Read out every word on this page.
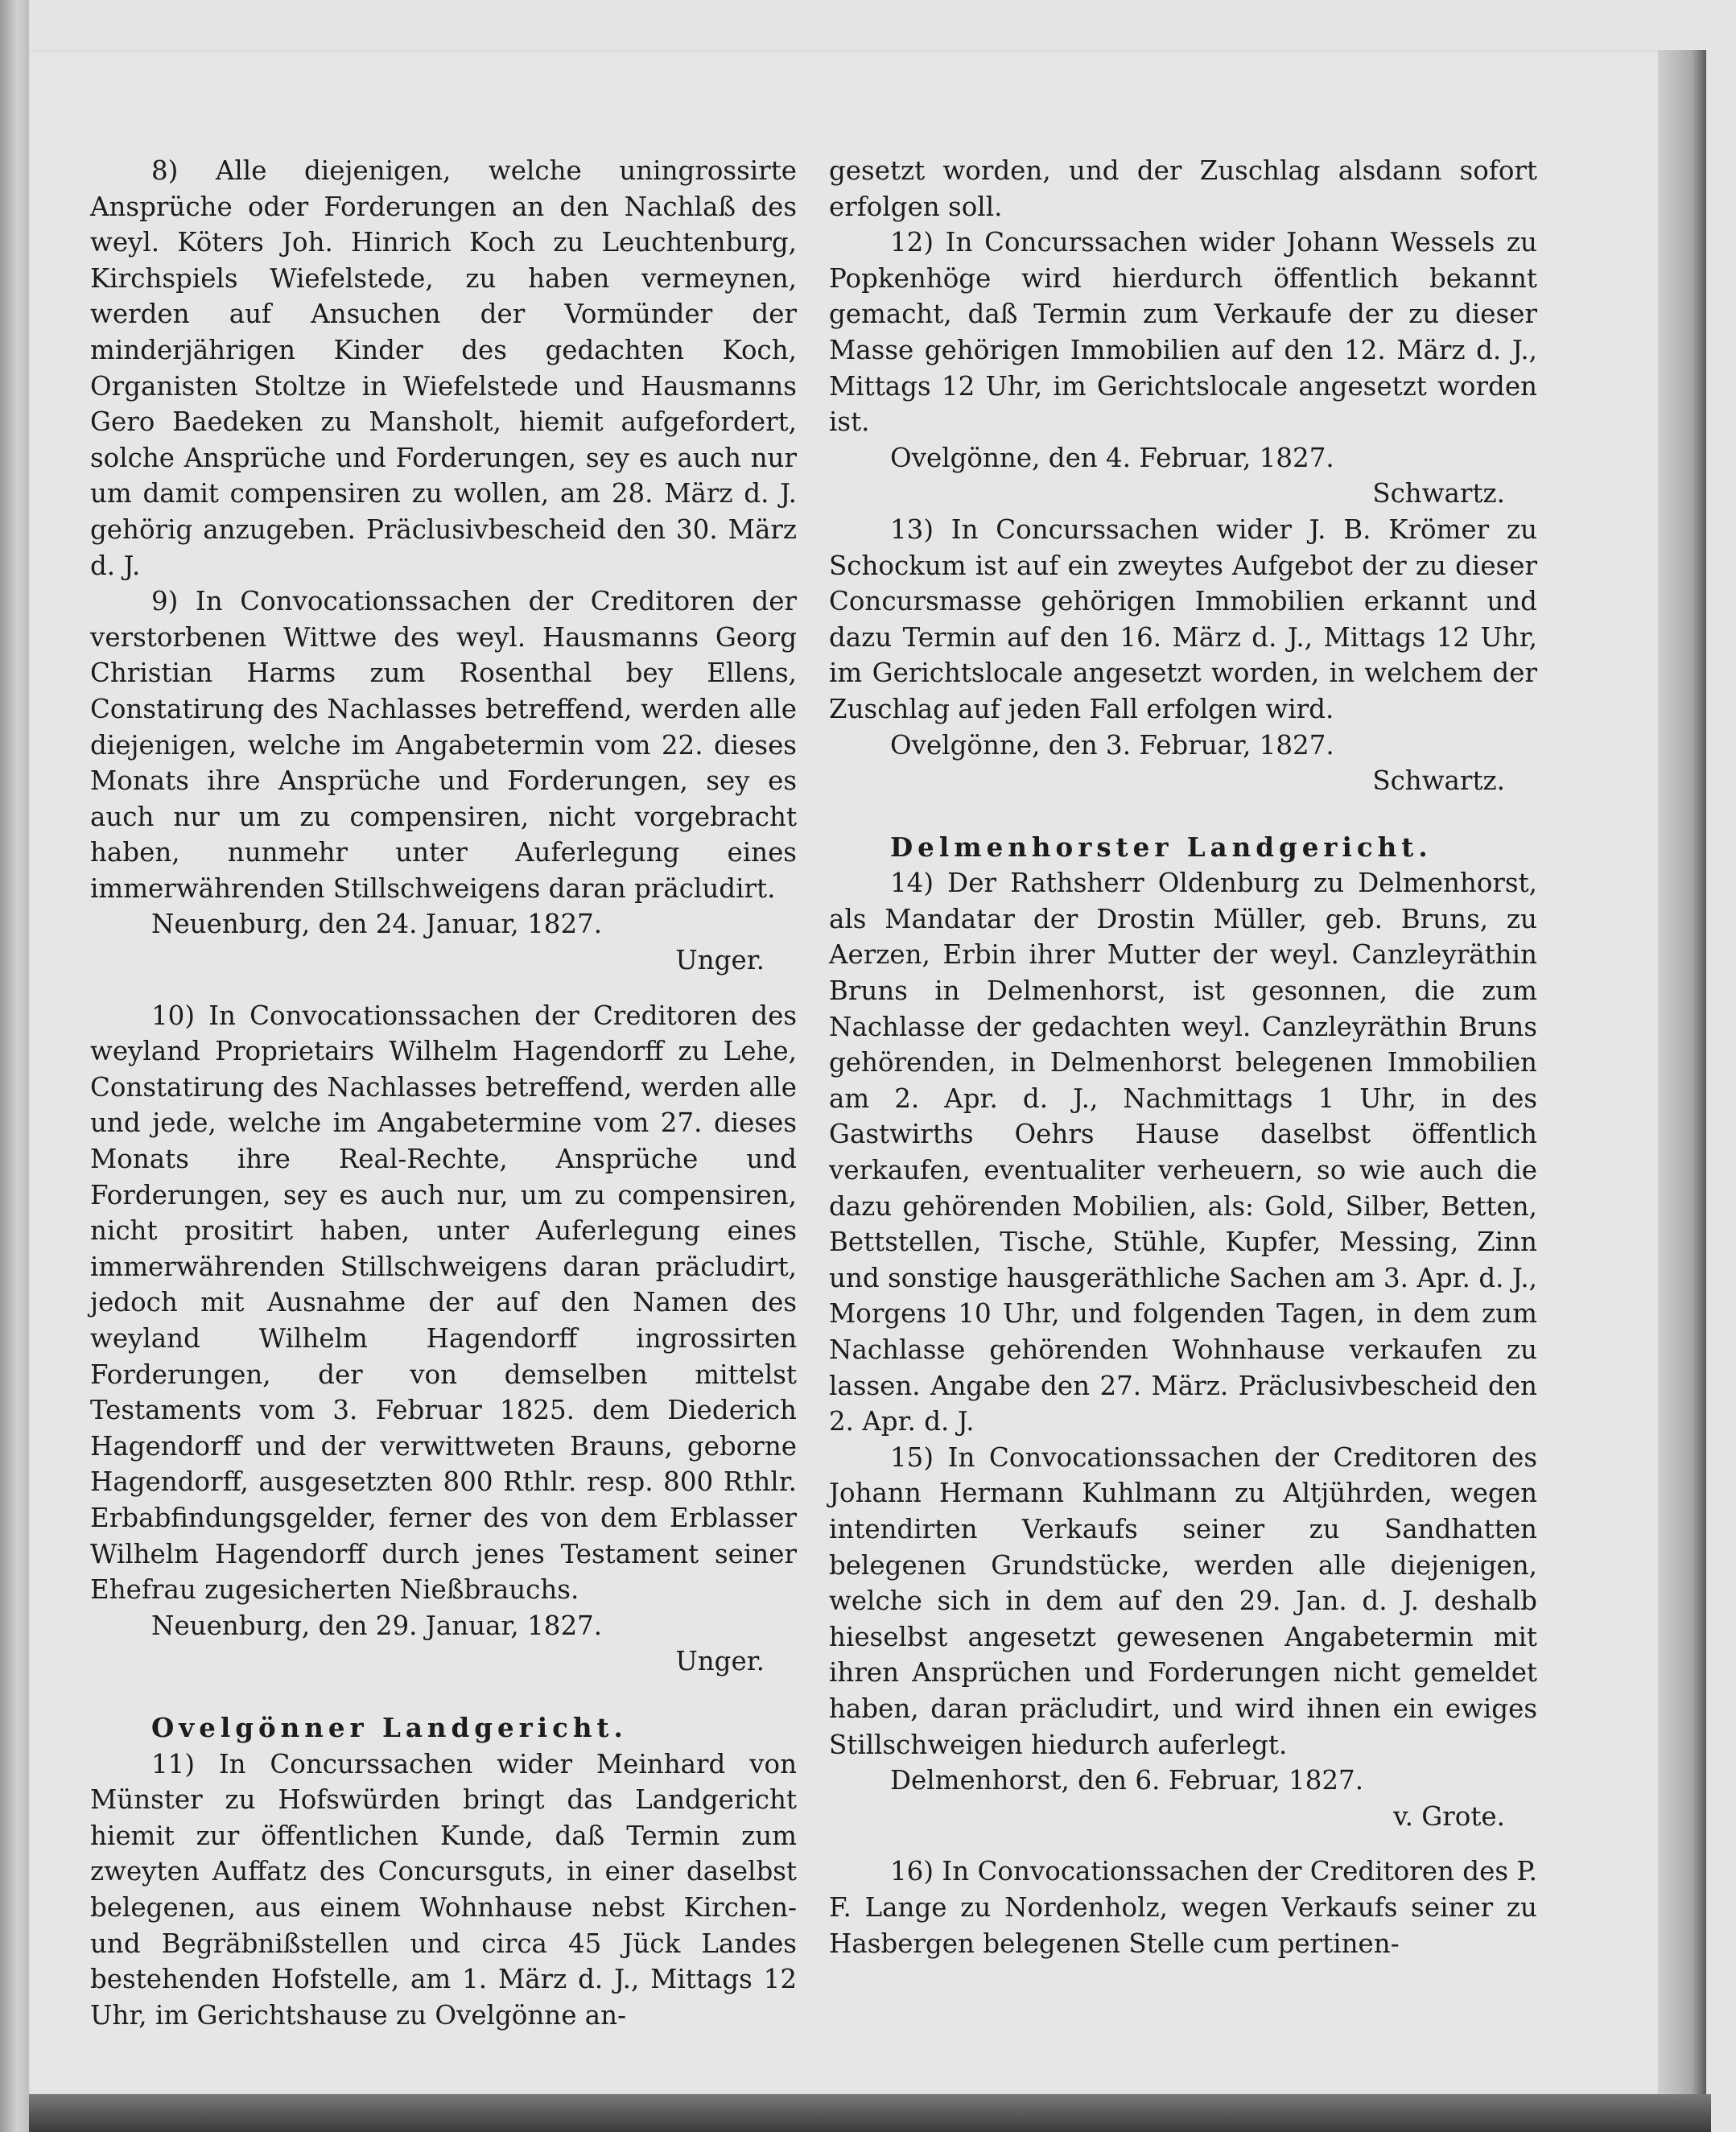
8) Alle diejenigen, welche uningrossirte Ansprüche oder Forderungen an den Nachlaß des weyl. Köters Joh. Hinrich Koch zu Leuchtenburg, Kirchspiels Wiefelstede, zu haben vermeynen, werden auf Ansuchen der Vormünder der minderjährigen Kinder des gedachten Koch, Organisten Stoltze in Wiefelstede und Hausmanns Gero Baedeken zu Mansholt, hiemit aufgefordert, solche Ansprüche und Forderungen, sey es auch nur um damit compensiren zu wollen, am 28. März d. J. gehörig anzugeben. Präclusivbescheid den 30. März d. J.

9) In Convocationssachen der Creditoren der verstorbenen Wittwe des weyl. Hausmanns Georg Christian Harms zum Rosenthal bey Ellens, Constatirung des Nachlasses betreffend, werden alle diejenigen, welche im Angabetermin vom 22. dieses Monats ihre Ansprüche und Forderungen, sey es auch nur um zu compensiren, nicht vorgebracht haben, nunmehr unter Auferlegung eines immerwährenden Stillschweigens daran präcludirt.

Neuenburg, den 24. Januar, 1827.

Unger.

10) In Convocationssachen der Creditoren des weyland Proprietairs Wilhelm Hagendorff zu Lehe, Constatirung des Nachlasses betreffend, werden alle und jede, welche im Angabetermine vom 27. dieses Monats ihre Real-Rechte, Ansprüche und Forderungen, sey es auch nur, um zu compensiren, nicht prositirt haben, unter Auferlegung eines immerwährenden Stillschweigens daran präcludirt, jedoch mit Ausnahme der auf den Namen des weyland Wilhelm Hagendorff ingrossirten Forderungen, der von demselben mittelst Testaments vom 3. Februar 1825. dem Diederich Hagendorff und der verwittweten Brauns, geborne Hagendorff, ausgesetzten 800 Rthlr. resp. 800 Rthlr. Erbabfindungsgelder, ferner des von dem Erblasser Wilhelm Hagendorff durch jenes Testament seiner Ehefrau zugesicherten Nießbrauchs.

Neuenburg, den 29. Januar, 1827.

Unger.

Ovelgönner Landgericht.

11) In Concurssachen wider Meinhard von Münster zu Hofswürden bringt das Landgericht hiemit zur öffentlichen Kunde, daß Termin zum zweyten Auffatz des Concursguts, in einer daselbst belegenen, aus einem Wohnhause nebst Kirchen- und Begräbnißstellen und circa 45 Jück Landes bestehenden Hofstelle, am 1. März d. J., Mittags 12 Uhr, im Gerichtshause zu Ovelgönne an-

gesetzt worden, und der Zuschlag alsdann sofort erfolgen soll.

12) In Concurssachen wider Johann Wessels zu Popkenhöge wird hierdurch öffentlich bekannt gemacht, daß Termin zum Verkaufe der zu dieser Masse gehörigen Immobilien auf den 12. März d. J., Mittags 12 Uhr, im Gerichtslocale angesetzt worden ist.

Ovelgönne, den 4. Februar, 1827.

Schwartz.

13) In Concurssachen wider J. B. Krömer zu Schockum ist auf ein zweytes Aufgebot der zu dieser Concursmasse gehörigen Immobilien erkannt und dazu Termin auf den 16. März d. J., Mittags 12 Uhr, im Gerichtslocale angesetzt worden, in welchem der Zuschlag auf jeden Fall erfolgen wird.

Ovelgönne, den 3. Februar, 1827.

Schwartz.

Delmenhorster Landgericht.

14) Der Rathsherr Oldenburg zu Delmenhorst, als Mandatar der Drostin Müller, geb. Bruns, zu Aerzen, Erbin ihrer Mutter der weyl. Canzleyräthin Bruns in Delmenhorst, ist gesonnen, die zum Nachlasse der gedachten weyl. Canzleyräthin Bruns gehörenden, in Delmenhorst belegenen Immobilien am 2. Apr. d. J., Nachmittags 1 Uhr, in des Gastwirths Oehrs Hause daselbst öffentlich verkaufen, eventualiter verheuern, so wie auch die dazu gehörenden Mobilien, als: Gold, Silber, Betten, Bettstellen, Tische, Stühle, Kupfer, Messing, Zinn und sonstige hausgeräthliche Sachen am 3. Apr. d. J., Morgens 10 Uhr, und folgenden Tagen, in dem zum Nachlasse gehörenden Wohnhause verkaufen zu lassen. Angabe den 27. März. Präclusivbescheid den 2. Apr. d. J.

15) In Convocationssachen der Creditoren des Johann Hermann Kuhlmann zu Altjührden, wegen intendirten Verkaufs seiner zu Sandhatten belegenen Grundstücke, werden alle diejenigen, welche sich in dem auf den 29. Jan. d. J. deshalb hieselbst angesetzt gewesenen Angabetermin mit ihren Ansprüchen und Forderungen nicht gemeldet haben, daran präcludirt, und wird ihnen ein ewiges Stillschweigen hiedurch auferlegt.

Delmenhorst, den 6. Februar, 1827.

v. Grote.

16) In Convocationssachen der Creditoren des P. F. Lange zu Nordenholz, wegen Verkaufs seiner zu Hasbergen belegenen Stelle cum pertinen-
